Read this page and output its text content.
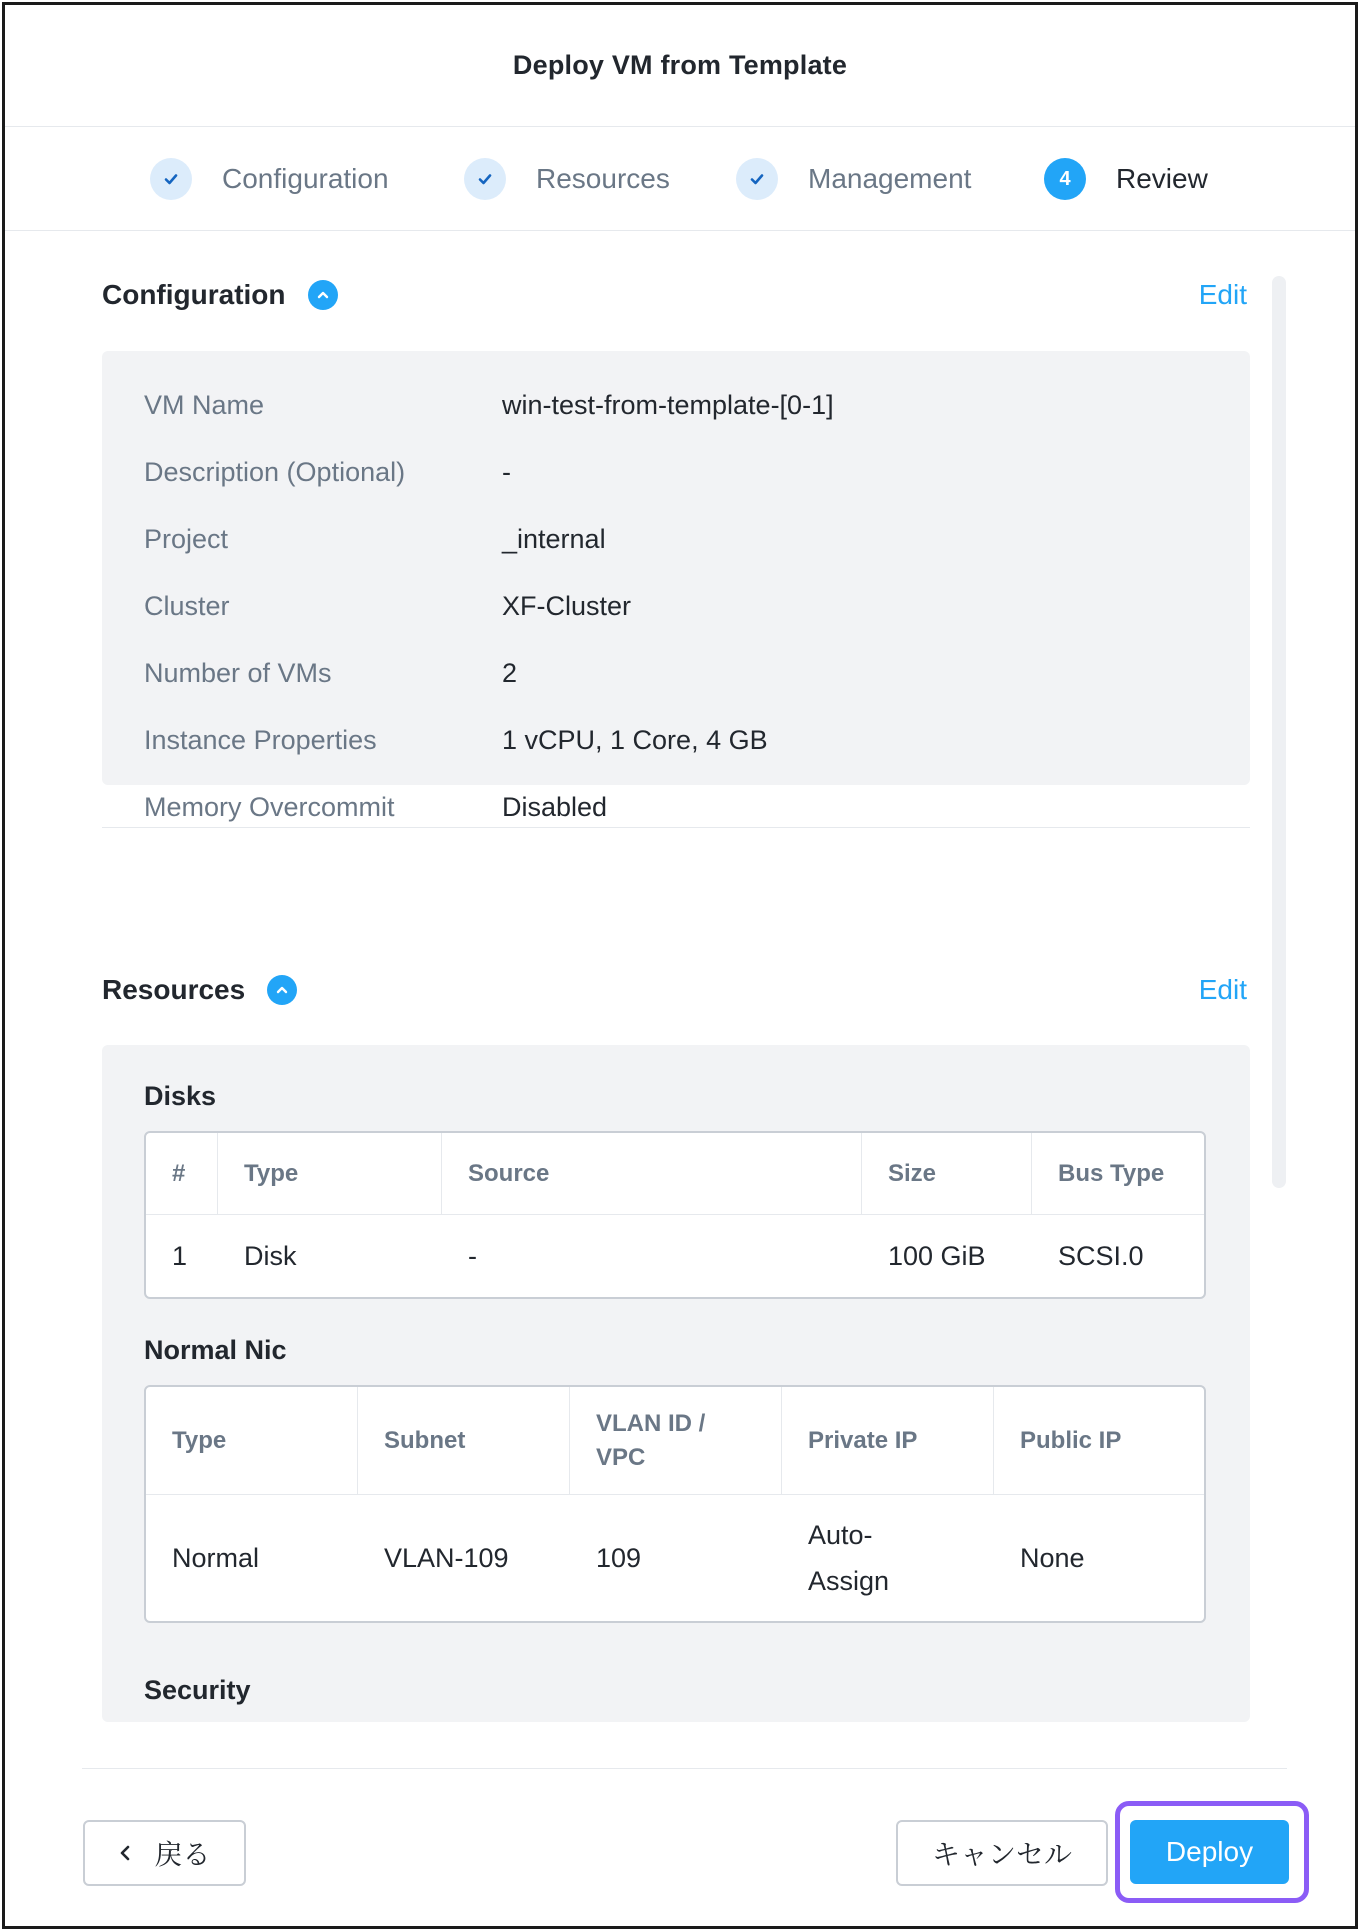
Deploy VM from Template
Configuration	Resources	Management	4	Review
Configuration	Edit
VM Name	win-test-from-template-[0-1]
Description (Optional)	-
Project	_internal
Cluster	XF-Cluster
Number of VMs	2
Instance Properties	1 vCPU, 1 Core, 4 GB
Memory Overcommit	Disabled
Resources	Edit
Disks
#	Type	Source	Size	Bus Type
1	Disk	-	100 GiB	SCSI.0
Normal Nic
Type	Subnet	VLAN ID / VPC	Private IP	Public IP
Normal	VLAN-109	109	Auto-Assign	None
Security
戻る	キャンセル	Deploy
